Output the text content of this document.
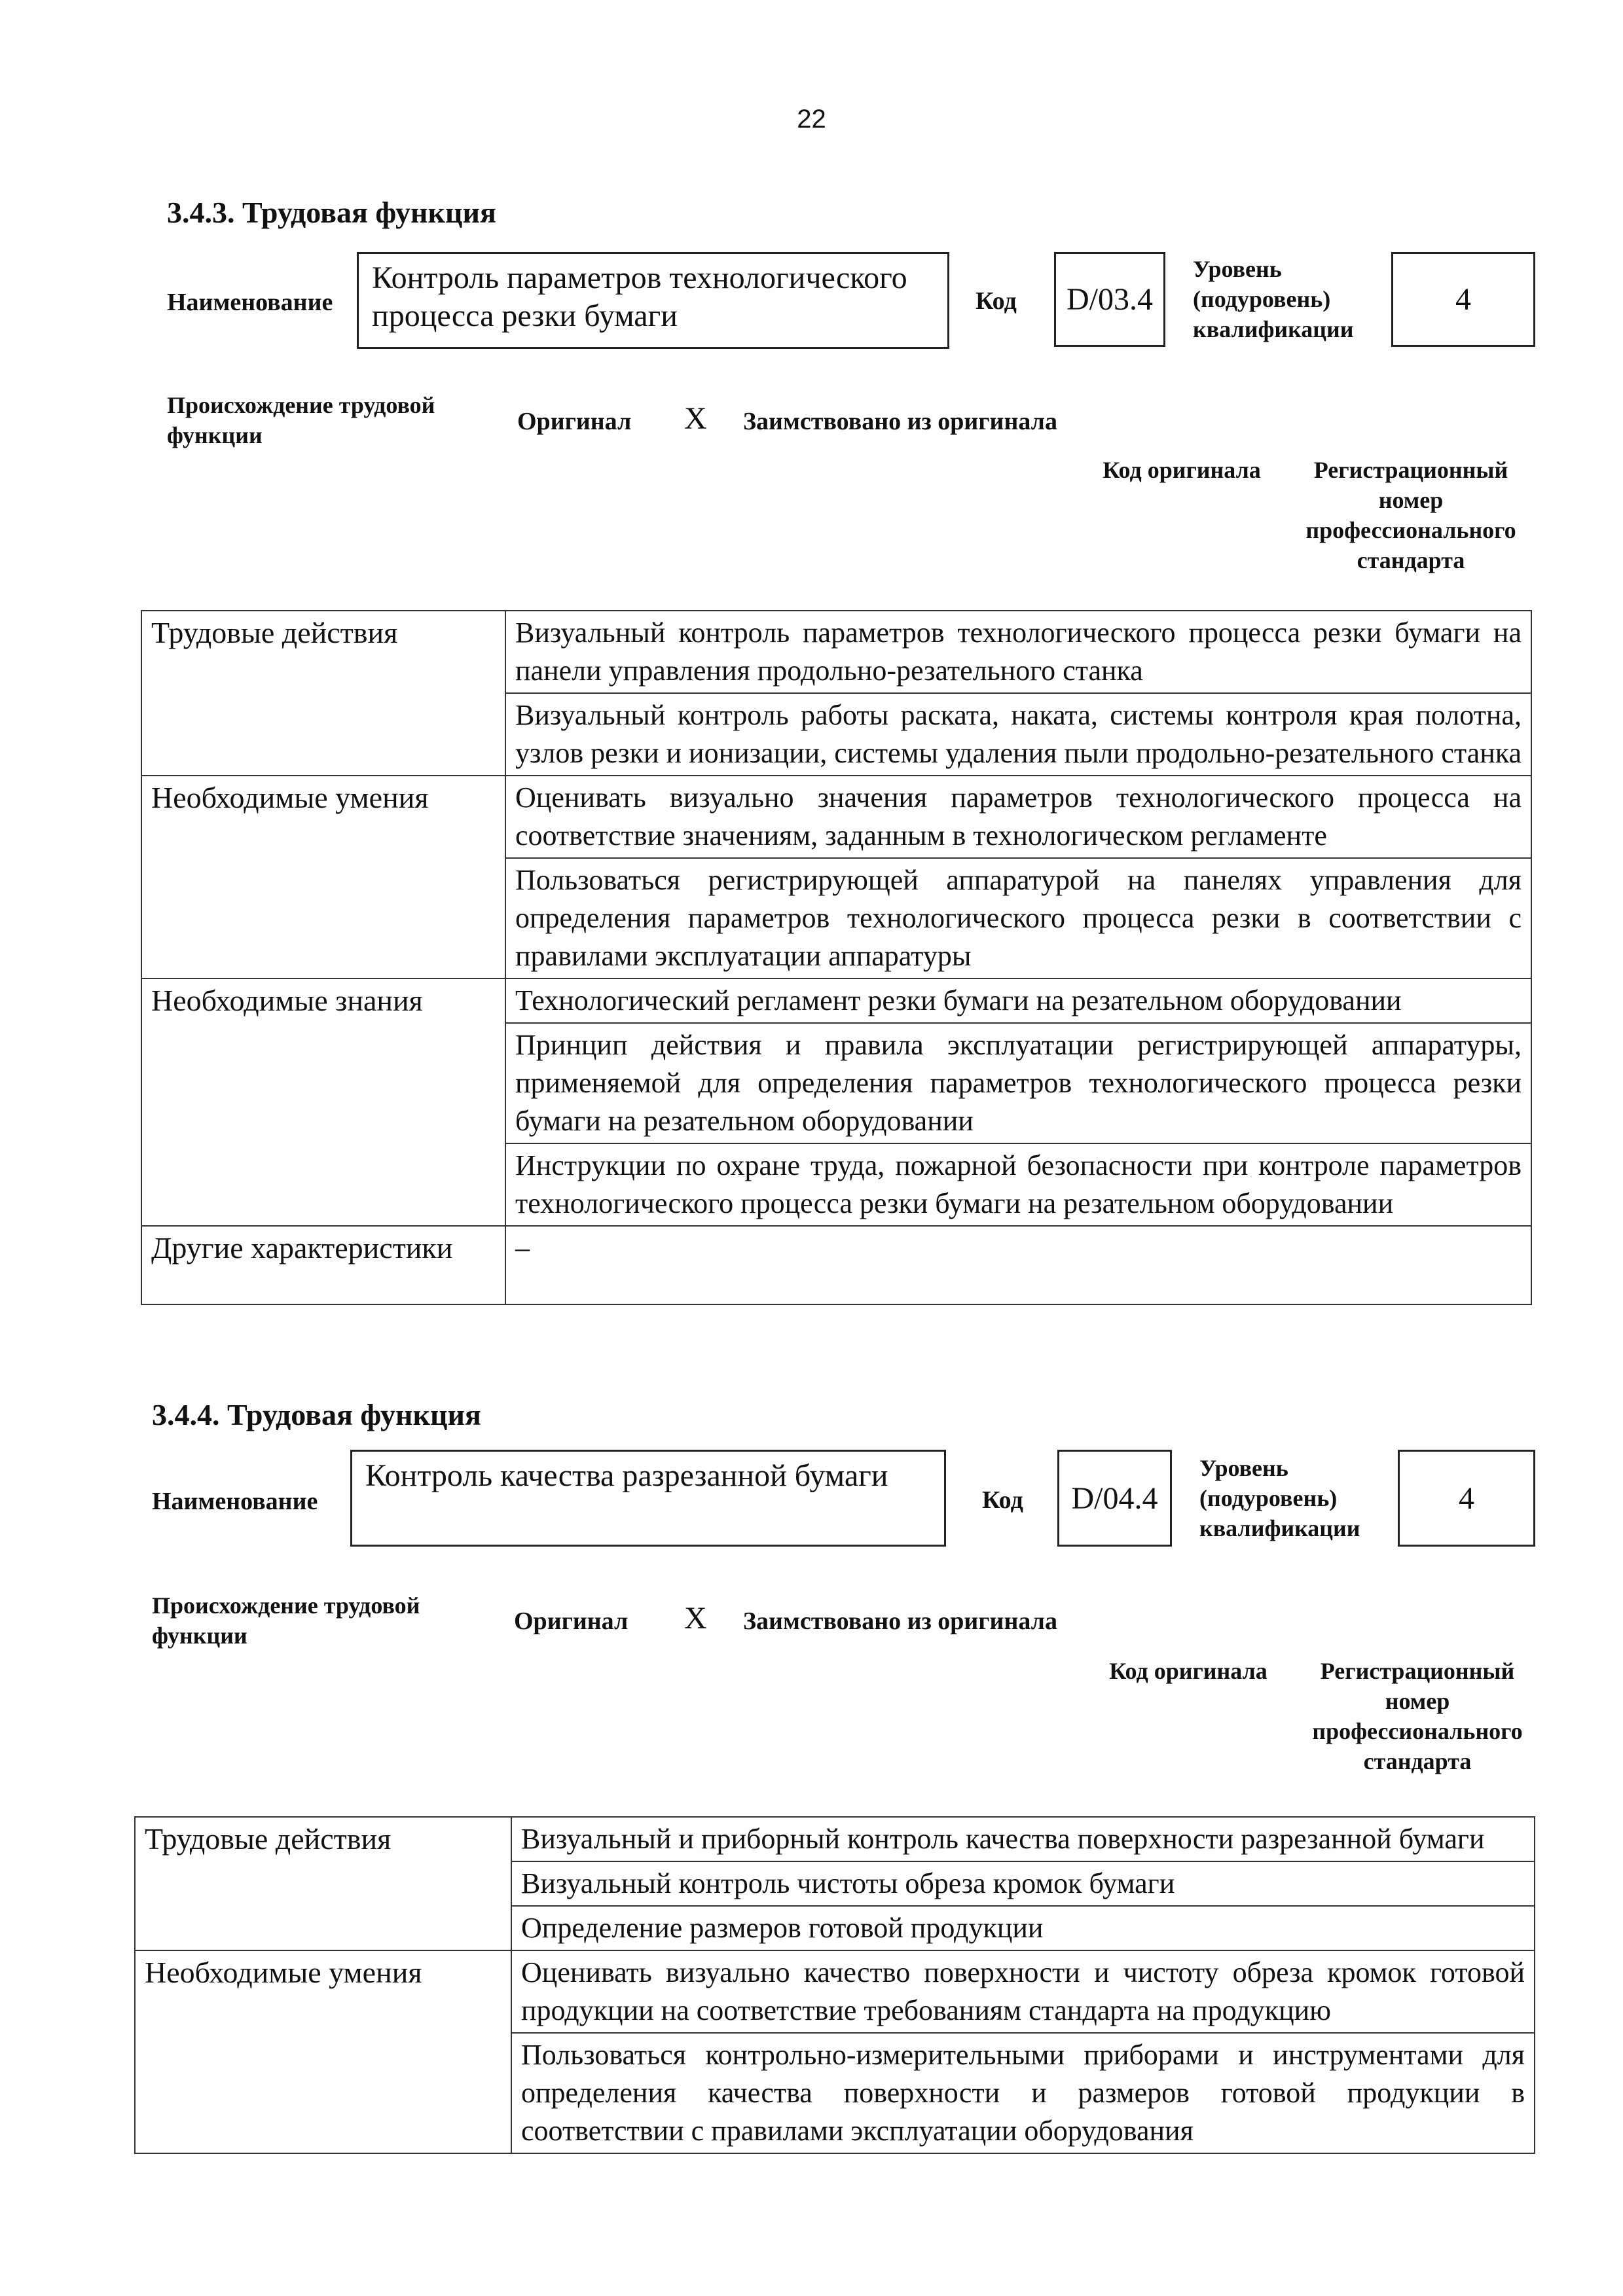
22
3.4.3. Трудовая функция
Наименование
Контроль параметров технологического процесса резки бумаги	Код D/03.4
Уровень (подуровень) квалификации
4
Происхождение трудовой функции	Оригинал X Заимствовано из оригинала
Код оригинала	Регистрационный номер профессионального стандарта
Трудовые действия	Визуальный контроль параметров технологического процесса резки бумаги на панели управления продольно-резательного станка
	Визуальный контроль работы раската, наката, системы контроля края полотна, узлов резки и ионизации, системы удаления пыли продольно-резательного станка
Необходимые умения	Оценивать визуально значения параметров технологического процесса на соответствие значениям, заданным в технологическом регламенте
	Пользоваться регистрирующей аппаратурой на панелях управления для определения параметров технологического процесса резки в соответствии с правилами эксплуатации аппаратуры
Необходимые знания	Технологический регламент резки бумаги на резательном оборудовании
	Принцип действия и правила эксплуатации регистрирующей аппаратуры, применяемой для определения параметров технологического процесса резки бумаги на резательном оборудовании
	Инструкции по охране труда, пожарной безопасности при контроле параметров технологического процесса резки бумаги на резательном оборудовании
Другие характеристики	–
3.4.4. Трудовая функция
Наименование
Контроль качества разрезанной бумаги
Код D/04.4
Уровень (подуровень) квалификации
4
Происхождение трудовой функции
Оригинал X Заимствовано из оригинала
Код оригинала	Регистрационный номер профессионального стандарта
Трудовые действия	Визуальный и приборный контроль качества поверхности разрезанной бумаги
	Визуальный контроль чистоты обреза кромок бумаги
	Определение размеров готовой продукции
Необходимые умения	Оценивать визуально качество поверхности и чистоту обреза кромок готовой продукции на соответствие требованиям стандарта на продукцию
	Пользоваться контрольно-измерительными приборами и инструментами для определения качества поверхности и размеров готовой продукции в соответствии с правилами эксплуатации оборудования
